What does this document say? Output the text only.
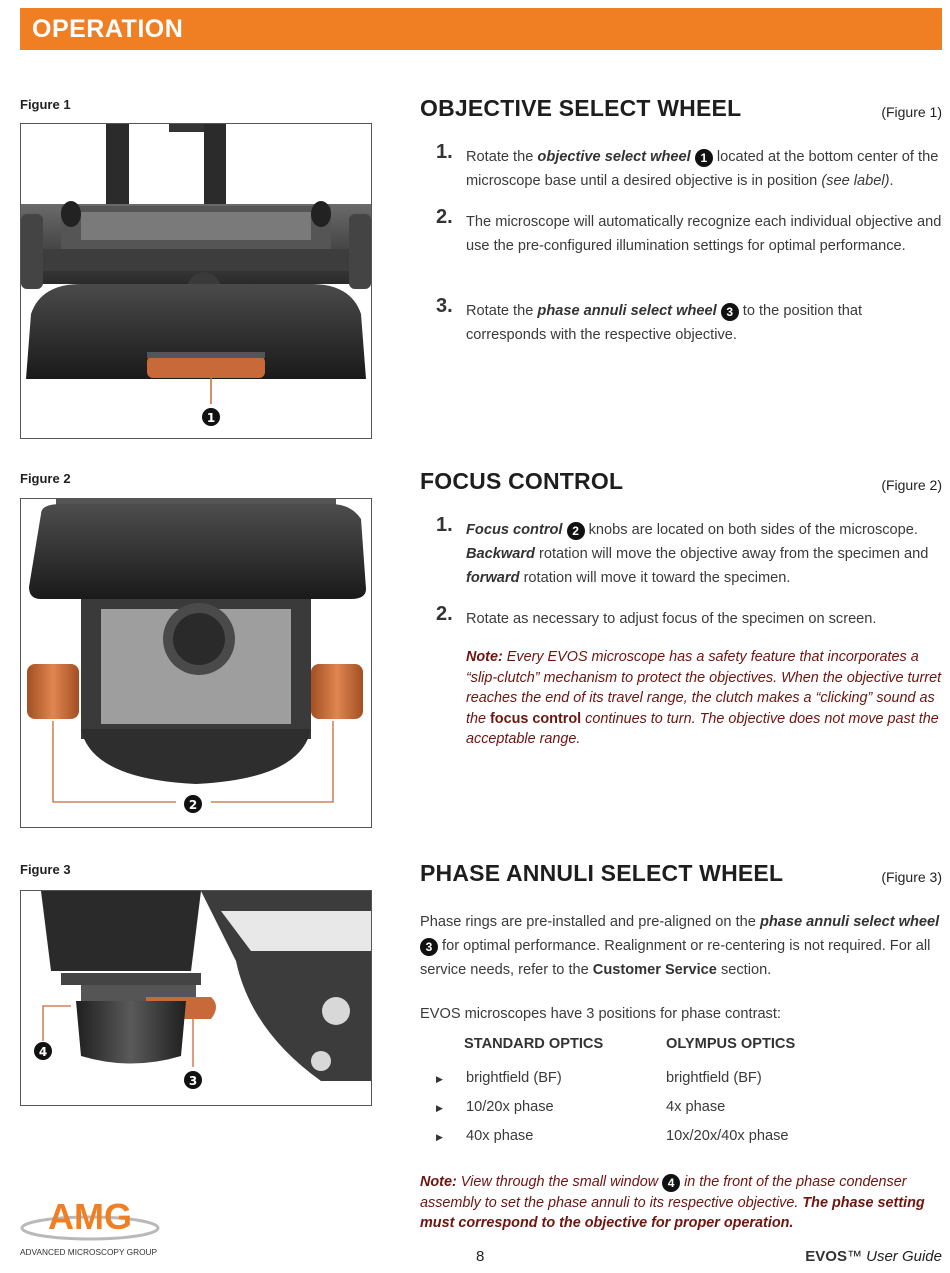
OPERATION
Figure 1
1
OBJECTIVE SELECT WHEEL	(Figure 1)
1. Rotate the objective select wheel 1 located at the bottom center of the microscope base until a desired objective is in position (see label).
2. The microscope will automatically recognize each individual objective and use the pre-configured illumination settings for optimal performance.
3. Rotate the phase annuli select wheel 3 to the position that corresponds with the respective objective.
Figure 2
2
FOCUS CONTROL	(Figure 2)
1. Focus control 2 knobs are located on both sides of the microscope. Backward rotation will move the objective away from the specimen and forward rotation will move it toward the specimen.
2. Rotate as necessary to adjust focus of the specimen on screen.
Note: Every EVOS microscope has a safety feature that incorporates a “slip-clutch” mechanism to protect the objectives. When the objective turret reaches the end of its travel range, the clutch makes a “clicking” sound as the focus control continues to turn. The objective does not move past the acceptable range.
Figure 3
4
3
PHASE ANNULI SELECT WHEEL	(Figure 3)
Phase rings are pre-installed and pre-aligned on the phase annuli select wheel 3 for optimal performance. Realignment or re-centering is not required. For all service needs, refer to the Customer Service section.
EVOS microscopes have 3 positions for phase contrast:
STANDARD OPTICS	OLYMPUS OPTICS
▶ brightfield (BF)	brightfield (BF)
▶ 10/20x phase	4x phase
▶ 40x phase	10x/20x/40x phase
Note: View through the small window 4 in the front of the phase condenser assembly to set the phase annuli to its respective objective. The phase setting must correspond to the objective for proper operation.
AMG
ADVANCED MICROSCOPY GROUP	8	EVOS™ User Guide
